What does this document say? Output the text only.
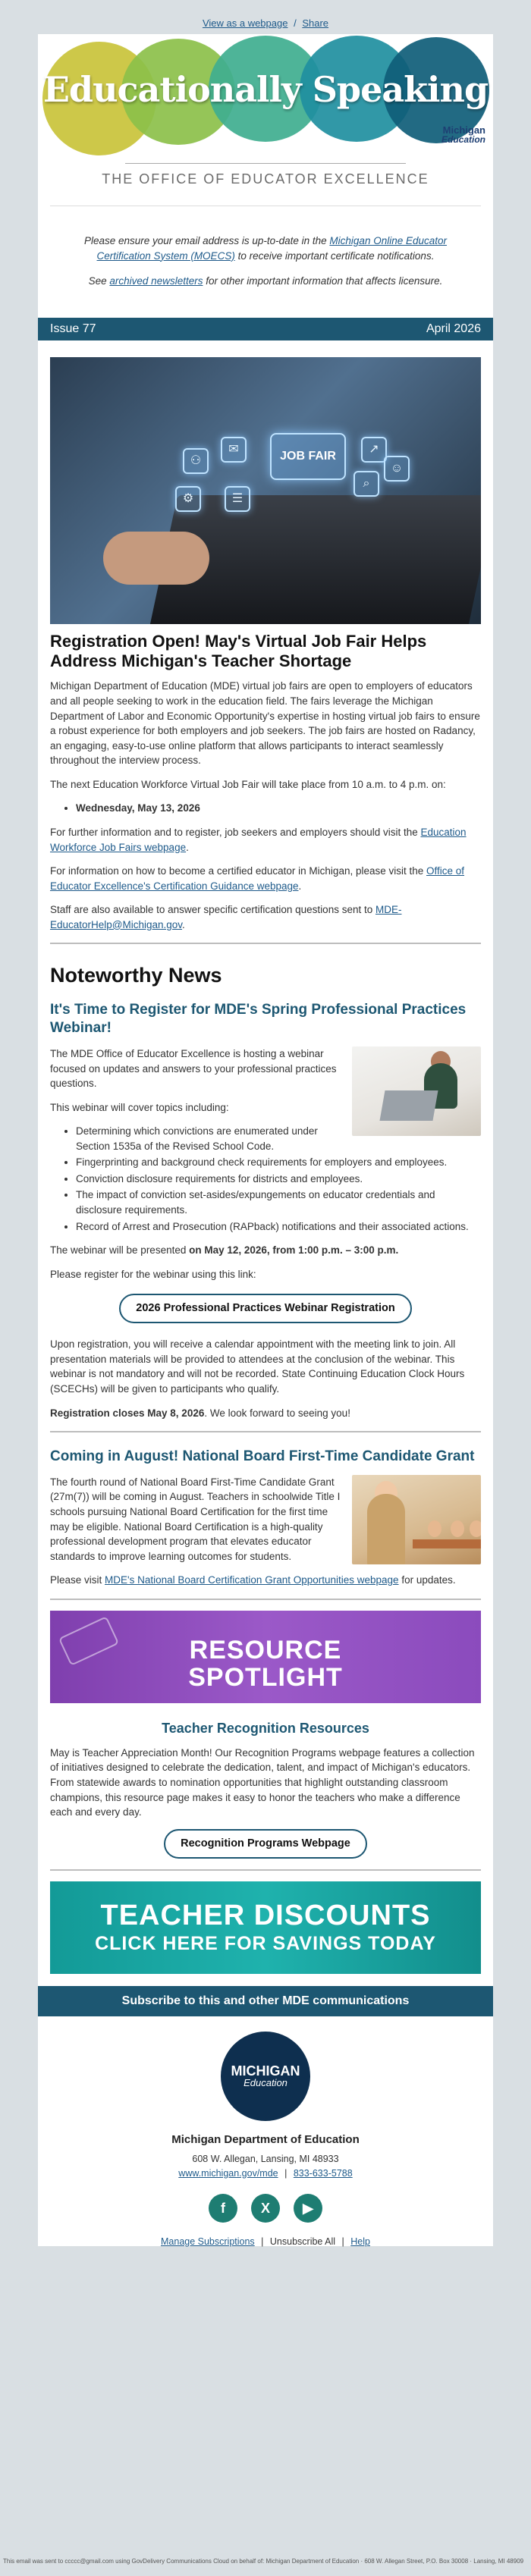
View as a webpage / Share
Educationally Speaking
Michigan
Education
THE OFFICE OF EDUCATOR EXCELLENCE

Please ensure your email address is up-to-date in the Michigan Online Educator Certification System (MOECS) to receive important certificate notifications.

See archived newsletters for other important information that affects licensure.

Issue 77	April 2026
JOB FAIR
⚇
✉
⚙	☰
↗
⌕
☺
Registration Open! May's Virtual Job Fair Helps Address Michigan's Teacher Shortage

Michigan Department of Education (MDE) virtual job fairs are open to employers of educators and all people seeking to work in the education field. The fairs leverage the Michigan Department of Labor and Economic Opportunity's expertise in hosting virtual job fairs to ensure a robust experience for both employers and job seekers. The job fairs are hosted on Radancy, an engaging, easy-to-use online platform that allows participants to interact seamlessly throughout the interview process.

The next Education Workforce Virtual Job Fair will take place from 10 a.m. to 4 p.m. on:

• Wednesday, May 13, 2026

For further information and to register, job seekers and employers should visit the Education Workforce Job Fairs webpage.

For information on how to become a certified educator in Michigan, please visit the Office of Educator Excellence's Certification Guidance webpage.

Staff are also available to answer specific certification questions sent to MDE-EducatorHelp@Michigan.gov.

Noteworthy News
It's Time to Register for MDE's Spring Professional Practices Webinar!

The MDE Office of Educator Excellence is hosting a webinar focused on updates and answers to your professional practices questions.

This webinar will cover topics including:

• Determining which convictions are enumerated under Section 1535a of the Revised School Code.
• Fingerprinting and background check requirements for employers and employees.
• Conviction disclosure requirements for districts and employees.
• The impact of conviction set-asides/expungements on educator credentials and disclosure requirements.
• Record of Arrest and Prosecution (RAPback) notifications and their associated actions.

The webinar will be presented on May 12, 2026, from 1:00 p.m. – 3:00 p.m.

Please register for the webinar using this link:

2026 Professional Practices Webinar Registration

Upon registration, you will receive a calendar appointment with the meeting link to join. All presentation materials will be provided to attendees at the conclusion of the webinar. This webinar is not mandatory and will not be recorded. State Continuing Education Clock Hours (SCECHs) will be given to participants who qualify.

Registration closes May 8, 2026. We look forward to seeing you!

Coming in August! National Board First-Time Candidate Grant

The fourth round of National Board First-Time Candidate Grant (27m(7)) will be coming in August. Teachers in schoolwide Title I schools pursuing National Board Certification for the first time may be eligible. National Board Certification is a high-quality professional development program that elevates educator standards to improve learning outcomes for students.

Please visit MDE's National Board Certification Grant Opportunities webpage for updates.

RESOURCE
SPOTLIGHT
Teacher Recognition Resources

May is Teacher Appreciation Month! Our Recognition Programs webpage features a collection of initiatives designed to celebrate the dedication, talent, and impact of Michigan's educators. From statewide awards to nomination opportunities that highlight outstanding classroom champions, this resource page makes it easy to honor the teachers who make a difference each and every day.

Recognition Programs Webpage
TEACHER DISCOUNTS
CLICK HERE FOR SAVINGS TODAY
Subscribe to this and other MDE communications
MICHIGAN
Education
Michigan Department of Education
608 W. Allegan, Lansing, MI 48933
www.michigan.gov/mde | 833-633-5788
f	X	▶
Manage Subscriptions | Unsubscribe All | Help
This email was sent to ccccc@gmail.com using GovDelivery Communications Cloud on behalf of: Michigan Department of Education · 608 W. Allegan Street, P.O. Box 30008 · Lansing, MI 48909
